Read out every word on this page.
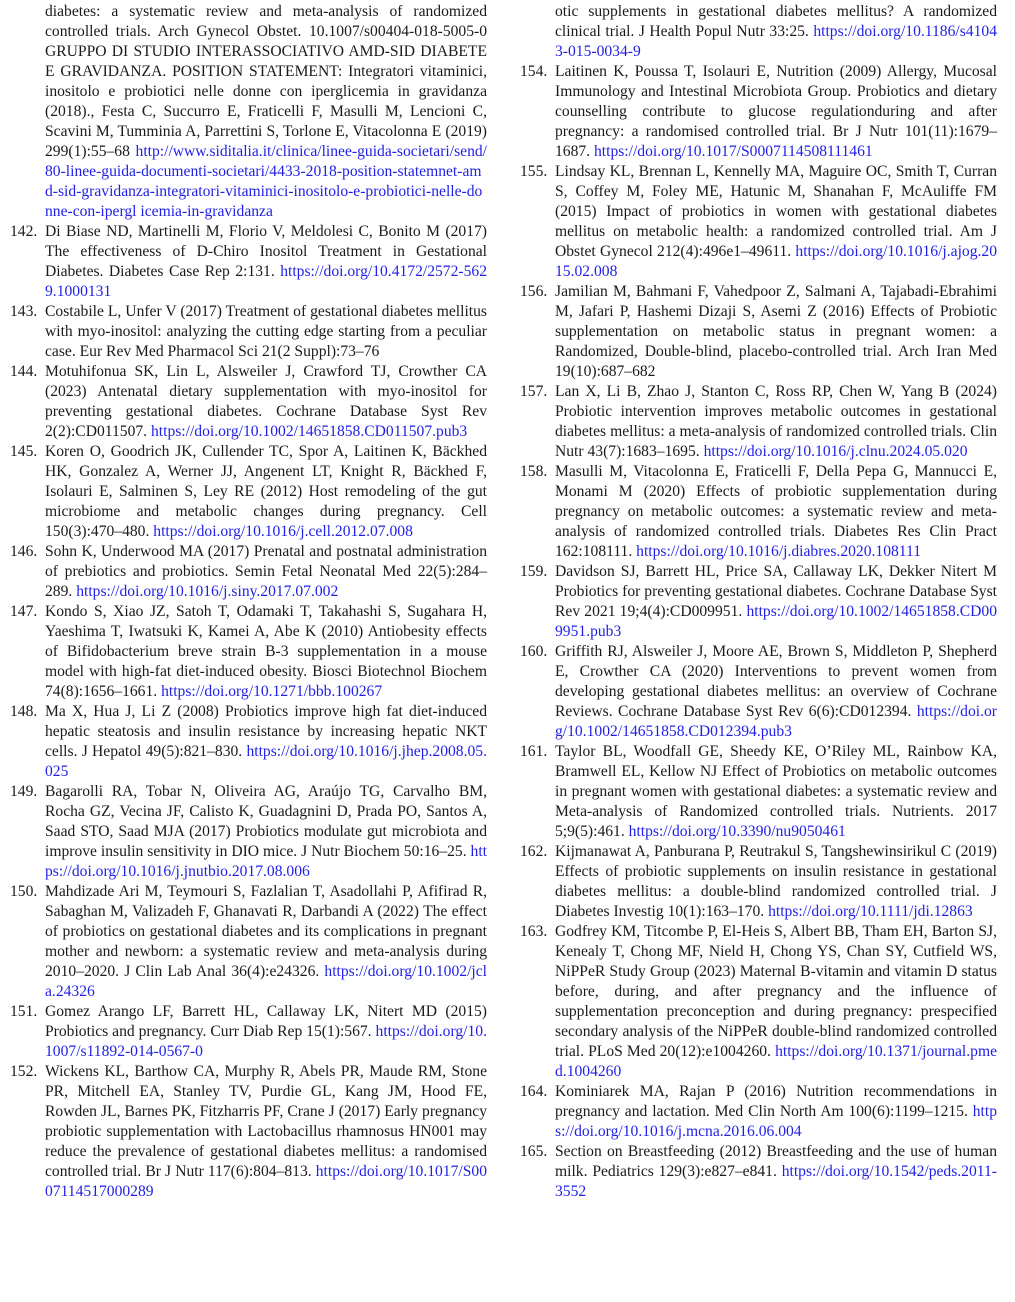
diabetes: a systematic review and meta-analysis of randomized controlled trials. Arch Gynecol Obstet. 10.1007/s00404-018-5005-0 GRUPPO DI STUDIO INTERASSOCIATIVO AMD-SID DIABETE E GRAVIDANZA. POSITION STATEMENT: Integratori vitaminici, inositolo e probiotici nelle donne con iperglicemia in gravidanza (2018)., Festa C, Succurro E, Fraticelli F, Masulli M, Lencioni C, Scavini M, Tumminia A, Parrettini S, Torlone E, Vitacolonna E (2019) 299(1):55–68 http://www.siditalia.it/clinica/linee-guida-societari/send/80-linee-guida-documenti-societari/4433-2018-position-statemnet-amd-sid-gravidanza-integratori-vitaminici-inositolo-e-probiotici-nelle-donne-con-ipergl icemia-in-gravidanza
142. Di Biase ND, Martinelli M, Florio V, Meldolesi C, Bonito M (2017) The effectiveness of D-Chiro Inositol Treatment in Gestational Diabetes. Diabetes Case Rep 2:131. https://doi.org/10.4172/2572-5629.1000131
143. Costabile L, Unfer V (2017) Treatment of gestational diabetes mellitus with myo-inositol: analyzing the cutting edge starting from a peculiar case. Eur Rev Med Pharmacol Sci 21(2 Suppl):73–76
144. Motuhifonua SK, Lin L, Alsweiler J, Crawford TJ, Crowther CA (2023) Antenatal dietary supplementation with myo-inositol for preventing gestational diabetes. Cochrane Database Syst Rev 2(2):CD011507. https://doi.org/10.1002/14651858.CD011507.pub3
145. Koren O, Goodrich JK, Cullender TC, Spor A, Laitinen K, Bäckhed HK, Gonzalez A, Werner JJ, Angenent LT, Knight R, Bäckhed F, Isolauri E, Salminen S, Ley RE (2012) Host remodeling of the gut microbiome and metabolic changes during pregnancy. Cell 150(3):470–480. https://doi.org/10.1016/j.cell.2012.07.008
146. Sohn K, Underwood MA (2017) Prenatal and postnatal administration of prebiotics and probiotics. Semin Fetal Neonatal Med 22(5):284–289. https://doi.org/10.1016/j.siny.2017.07.002
147. Kondo S, Xiao JZ, Satoh T, Odamaki T, Takahashi S, Sugahara H, Yaeshima T, Iwatsuki K, Kamei A, Abe K (2010) Antiobesity effects of Bifidobacterium breve strain B-3 supplementation in a mouse model with high-fat diet-induced obesity. Biosci Biotechnol Biochem 74(8):1656–1661. https://doi.org/10.1271/bbb.100267
148. Ma X, Hua J, Li Z (2008) Probiotics improve high fat diet-induced hepatic steatosis and insulin resistance by increasing hepatic NKT cells. J Hepatol 49(5):821–830. https://doi.org/10.1016/j.jhep.2008.05.025
149. Bagarolli RA, Tobar N, Oliveira AG, Araújo TG, Carvalho BM, Rocha GZ, Vecina JF, Calisto K, Guadagnini D, Prada PO, Santos A, Saad STO, Saad MJA (2017) Probiotics modulate gut microbiota and improve insulin sensitivity in DIO mice. J Nutr Biochem 50:16–25. https://doi.org/10.1016/j.jnutbio.2017.08.006
150. Mahdizade Ari M, Teymouri S, Fazlalian T, Asadollahi P, Afifirad R, Sabaghan M, Valizadeh F, Ghanavati R, Darbandi A (2022) The effect of probiotics on gestational diabetes and its complications in pregnant mother and newborn: a systematic review and meta-analysis during 2010–2020. J Clin Lab Anal 36(4):e24326. https://doi.org/10.1002/jcla.24326
151. Gomez Arango LF, Barrett HL, Callaway LK, Nitert MD (2015) Probiotics and pregnancy. Curr Diab Rep 15(1):567. https://doi.org/10.1007/s11892-014-0567-0
152. Wickens KL, Barthow CA, Murphy R, Abels PR, Maude RM, Stone PR, Mitchell EA, Stanley TV, Purdie GL, Kang JM, Hood FE, Rowden JL, Barnes PK, Fitzharris PF, Crane J (2017) Early pregnancy probiotic supplementation with Lactobacillus rhamnosus HN001 may reduce the prevalence of gestational diabetes mellitus: a randomised controlled trial. Br J Nutr 117(6):804–813. https://doi.org/10.1017/S0007114517000289
otic supplements in gestational diabetes mellitus? A randomized clinical trial. J Health Popul Nutr 33:25. https://doi.org/10.1186/s41043-015-0034-9
154. Laitinen K, Poussa T, Isolauri E, Nutrition (2009) Allergy, Mucosal Immunology and Intestinal Microbiota Group. Probiotics and dietary counselling contribute to glucose regulationduring and after pregnancy: a randomised controlled trial. Br J Nutr 101(11):1679–1687. https://doi.org/10.1017/S0007114508111461
155. Lindsay KL, Brennan L, Kennelly MA, Maguire OC, Smith T, Curran S, Coffey M, Foley ME, Hatunic M, Shanahan F, McAuliffe FM (2015) Impact of probiotics in women with gestational diabetes mellitus on metabolic health: a randomized controlled trial. Am J Obstet Gynecol 212(4):496e1–49611. https://doi.org/10.1016/j.ajog.2015.02.008
156. Jamilian M, Bahmani F, Vahedpoor Z, Salmani A, Tajabadi-Ebrahimi M, Jafari P, Hashemi Dizaji S, Asemi Z (2016) Effects of Probiotic supplementation on metabolic status in pregnant women: a Randomized, Double-blind, placebo-controlled trial. Arch Iran Med 19(10):687–682
157. Lan X, Li B, Zhao J, Stanton C, Ross RP, Chen W, Yang B (2024) Probiotic intervention improves metabolic outcomes in gestational diabetes mellitus: a meta-analysis of randomized controlled trials. Clin Nutr 43(7):1683–1695. https://doi.org/10.1016/j.clnu.2024.05.020
158. Masulli M, Vitacolonna E, Fraticelli F, Della Pepa G, Mannucci E, Monami M (2020) Effects of probiotic supplementation during pregnancy on metabolic outcomes: a systematic review and meta-analysis of randomized controlled trials. Diabetes Res Clin Pract 162:108111. https://doi.org/10.1016/j.diabres.2020.108111
159. Davidson SJ, Barrett HL, Price SA, Callaway LK, Dekker Nitert M Probiotics for preventing gestational diabetes. Cochrane Database Syst Rev 2021 19;4(4):CD009951. https://doi.org/10.1002/14651858.CD009951.pub3
160. Griffith RJ, Alsweiler J, Moore AE, Brown S, Middleton P, Shepherd E, Crowther CA (2020) Interventions to prevent women from developing gestational diabetes mellitus: an overview of Cochrane Reviews. Cochrane Database Syst Rev 6(6):CD012394. https://doi.org/10.1002/14651858.CD012394.pub3
161. Taylor BL, Woodfall GE, Sheedy KE, O’Riley ML, Rainbow KA, Bramwell EL, Kellow NJ Effect of Probiotics on metabolic outcomes in pregnant women with gestational diabetes: a systematic review and Meta-analysis of Randomized controlled trials. Nutrients. 2017 5;9(5):461. https://doi.org/10.3390/nu9050461
162. Kijmanawat A, Panburana P, Reutrakul S, Tangshewinsirikul C (2019) Effects of probiotic supplements on insulin resistance in gestational diabetes mellitus: a double-blind randomized controlled trial. J Diabetes Investig 10(1):163–170. https://doi.org/10.1111/jdi.12863
163. Godfrey KM, Titcombe P, El-Heis S, Albert BB, Tham EH, Barton SJ, Kenealy T, Chong MF, Nield H, Chong YS, Chan SY, Cutfield WS, NiPPeR Study Group (2023) Maternal B-vitamin and vitamin D status before, during, and after pregnancy and the influence of supplementation preconception and during pregnancy: prespecified secondary analysis of the NiPPeR double-blind randomized controlled trial. PLoS Med 20(12):e1004260. https://doi.org/10.1371/journal.pmed.1004260
164. Kominiarek MA, Rajan P (2016) Nutrition recommendations in pregnancy and lactation. Med Clin North Am 100(6):1199–1215. https://doi.org/10.1016/j.mcna.2016.06.004
165. Section on Breastfeeding (2012) Breastfeeding and the use of human milk. Pediatrics 129(3):e827–e841. https://doi.org/10.1542/peds.2011-3552
